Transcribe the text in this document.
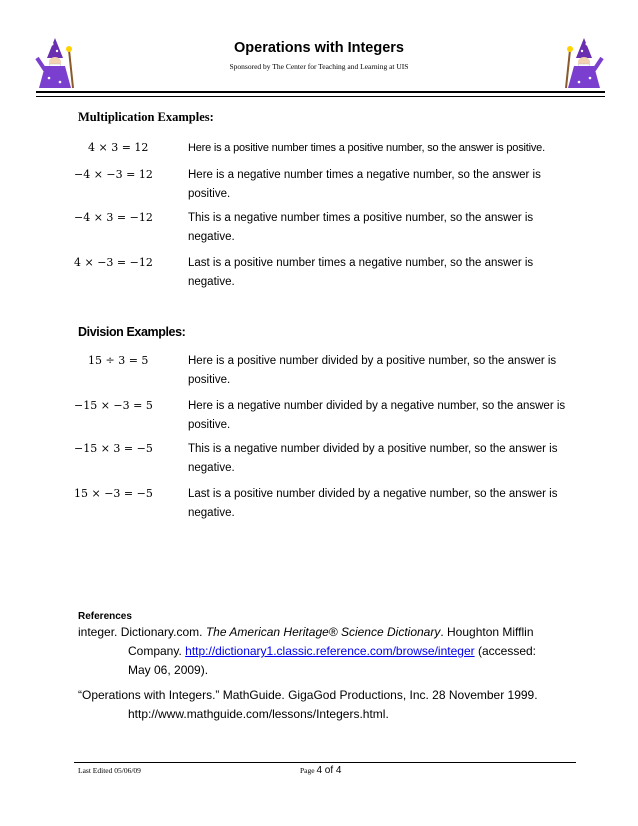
Operations with Integers
Sponsored by The Center for Teaching and Learning at UIS
Multiplication Examples:
4 × 3 = 12	Here is a positive number times a positive number, so the answer is positive.
−4 × −3 = 12	Here is a negative number times a negative number, so the answer is positive.
−4 × 3 = −12	This is a negative number times a positive number, so the answer is negative.
4 × −3 = −12	Last is a positive number times a negative number, so the answer is negative.
Division Examples:
15 ÷ 3 = 5	Here is a positive number divided by a positive number, so the answer is positive.
−15 × −3 = 5	Here is a negative number divided by a negative number, so the answer is positive.
−15 × 3 = −5	This is a negative number divided by a positive number, so the answer is negative.
15 × −3 = −5	Last is a positive number divided by a negative number, so the answer is negative.
References
integer. Dictionary.com. The American Heritage® Science Dictionary. Houghton Mifflin
Company. http://dictionary1.classic.reference.com/browse/integer (accessed:
May 06, 2009).
“Operations with Integers.” MathGuide. GigaGod Productions, Inc. 28 November 1999.
http://www.mathguide.com/lessons/Integers.html.
Last Edited 05/06/09	Page 4 of 4
